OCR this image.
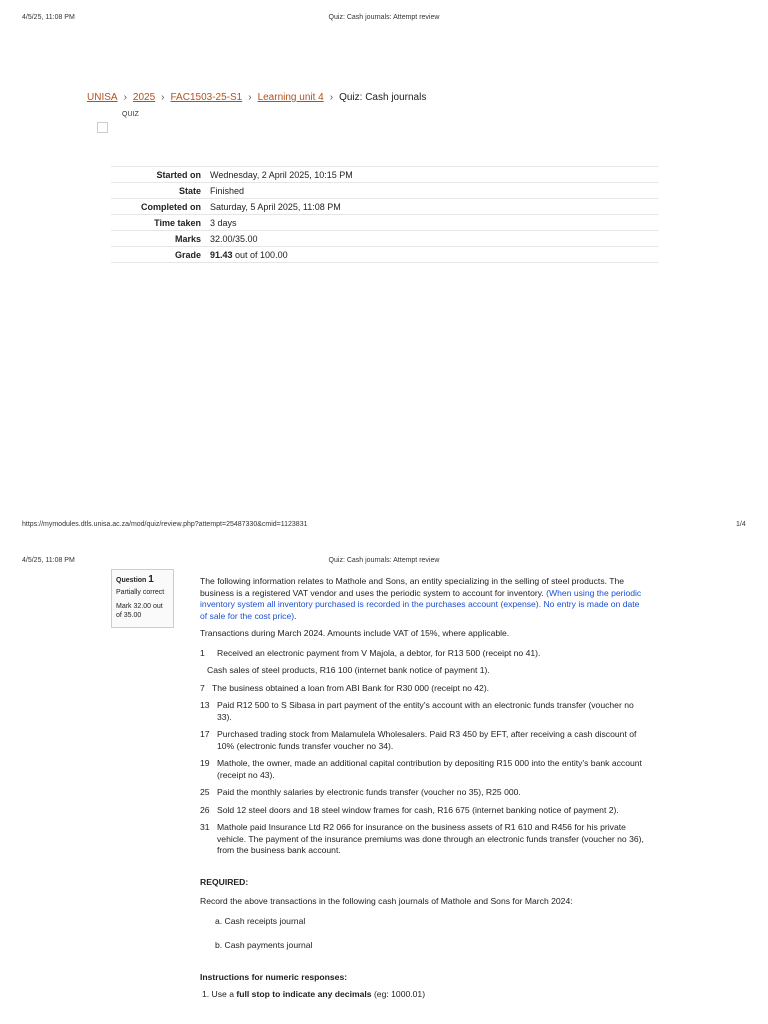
4/5/25, 11:08 PM	Quiz: Cash journals: Attempt review
UNISA › 2025 › FAC1503-25-S1 › Learning unit 4 › Quiz: Cash journals
QUIZ
Started on	Wednesday, 2 April 2025, 10:15 PM
State	Finished
Completed on	Saturday, 5 April 2025, 11:08 PM
Time taken	3 days
Marks	32.00/35.00
Grade	91.43 out of 100.00
https://mymodules.dtls.unisa.ac.za/mod/quiz/review.php?attempt=25487330&cmid=1123831	1/4
4/5/25, 11:08 PM	Quiz: Cash journals: Attempt review
Question 1
Partially correct
Mark 32.00 out of 35.00

The following information relates to Mathole and Sons, an entity specializing in the selling of steel products. The business is a registered VAT vendor and uses the periodic system to account for inventory. (When using the periodic inventory system all inventory purchased is recorded in the purchases account (expense). No entry is made on date of sale for the cost price).

Transactions during March 2024. Amounts include VAT of 15%, where applicable.

1	Received an electronic payment from V Majola, a debtor, for R13 500 (receipt no 41).
Cash sales of steel products, R16 100 (internet bank notice of payment 1).
7 The business obtained a loan from ABI Bank for R30 000 (receipt no 42).
13 Paid R12 500 to S Sibasa in part payment of the entity's account with an electronic funds transfer (voucher no 33).
17 Purchased trading stock from Malamulela Wholesalers. Paid R3 450 by EFT, after receiving a cash discount of 10% (electronic funds transfer voucher no 34).
19 Mathole, the owner, made an additional capital contribution by depositing R15 000 into the entity's bank account (receipt no 43).
25 Paid the monthly salaries by electronic funds transfer (voucher no 35), R25 000.
26 Sold 12 steel doors and 18 steel window frames for cash, R16 675 (internet banking notice of payment 2).
31 Mathole paid Insurance Ltd R2 066 for insurance on the business assets of R1 610 and R456 for his private vehicle. The payment of the insurance premiums was done through an electronic funds transfer (voucher no 36), from the business bank account.

REQUIRED:

Record the above transactions in the following cash journals of Mathole and Sons for March 2024:

a. Cash receipts journal
b. Cash payments journal

Instructions for numeric responses:

1. Use a full stop to indicate any decimals (eg: 1000.01)
